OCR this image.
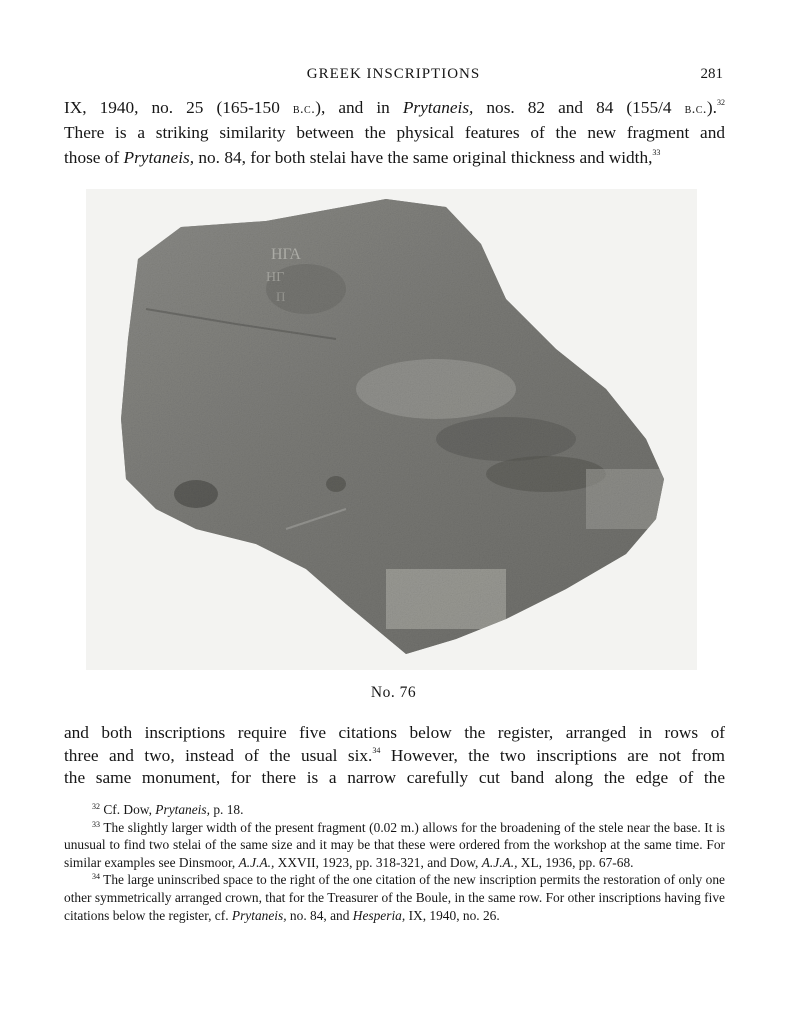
GREEK INSCRIPTIONS	281

IX, 1940, no. 25 (165-150 b.c.), and in Prytaneis, nos. 82 and 84 (155/4 b.c.).$^{32}$

There is a striking similarity between the physical features of the new fragment and

those of Prytaneis, no. 84, for both stelai have the same original thickness and width,$^{33}$

ΗΓΑ
ΗΓ
Π
No. 76

and both inscriptions require five citations below the register, arranged in rows of

three and two, instead of the usual six.$^{34}$ However, the two inscriptions are not from

the same monument, for there is a narrow carefully cut band along the edge of the

$^{32}$ Cf. Dow, Prytaneis, p. 18.

$^{33}$ The slightly larger width of the present fragment (0.02 m.) allows for the broadening of the stele near the base. It is unusual to find two stelai of the same size and it may be that these were ordered from the workshop at the same time. For similar examples see Dinsmoor, A.J.A., XXVII, 1923, pp. 318-321, and Dow, A.J.A., XL, 1936, pp. 67-68.

$^{34}$ The large uninscribed space to the right of the one citation of the new inscription permits the restoration of only one other symmetrically arranged crown, that for the Treasurer of the Boule, in the same row. For other inscriptions having five citations below the register, cf. Prytaneis, no. 84, and Hesperia, IX, 1940, no. 26.
